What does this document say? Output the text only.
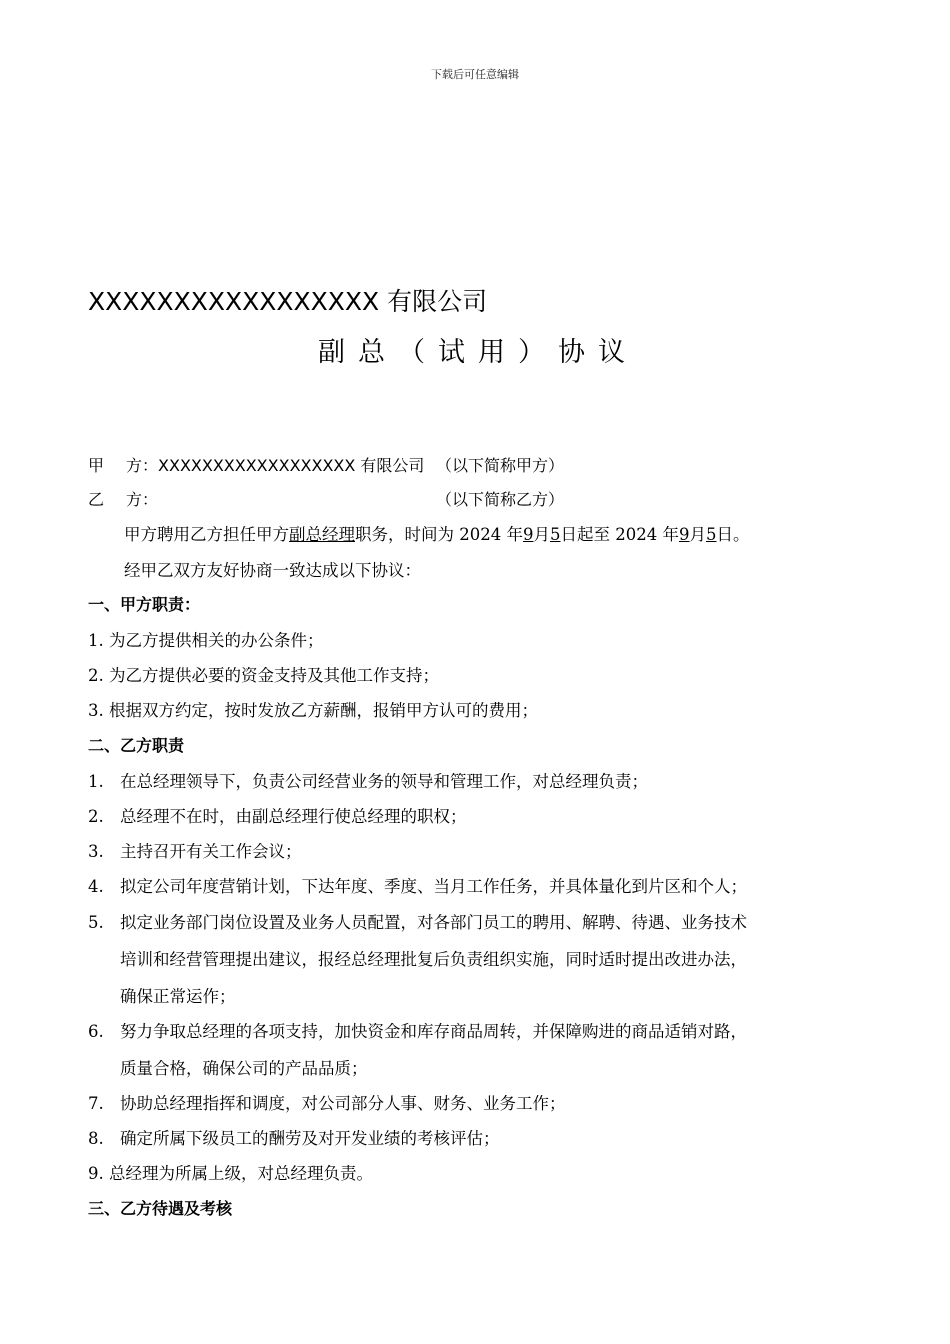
下载后可任意编辑
XXXXXXXXXXXXXXXXX 有限公司
副总（试用）协议
甲 方：XXXXXXXXXXXXXXXXXX 有限公司 （以下简称甲方）
乙 方：	（以下简称乙方）
甲方聘用乙方担任甲方副总经理职务，时间为 2024 年9月5日起至 2024 年9月5日。
经甲乙双方友好协商一致达成以下协议：
一、甲方职责：
1. 为乙方提供相关的办公条件；
2. 为乙方提供必要的资金支持及其他工作支持；
3. 根据双方约定，按时发放乙方薪酬，报销甲方认可的费用；
二、乙方职责
1. 在总经理领导下，负责公司经营业务的领导和管理工作，对总经理负责；
2. 总经理不在时，由副总经理行使总经理的职权；
3. 主持召开有关工作会议；
4. 拟定公司年度营销计划，下达年度、季度、当月工作任务，并具体量化到片区和个人；
5. 拟定业务部门岗位设置及业务人员配置，对各部门员工的聘用、解聘、待遇、业务技术
培训和经营管理提出建议，报经总经理批复后负责组织实施，同时适时提出改进办法，
确保正常运作；
6. 努力争取总经理的各项支持，加快资金和库存商品周转，并保障购进的商品适销对路，
质量合格，确保公司的产品品质；
7. 协助总经理指挥和调度，对公司部分人事、财务、业务工作；
8. 确定所属下级员工的酬劳及对开发业绩的考核评估；
9. 总经理为所属上级，对总经理负责。
三、乙方待遇及考核
